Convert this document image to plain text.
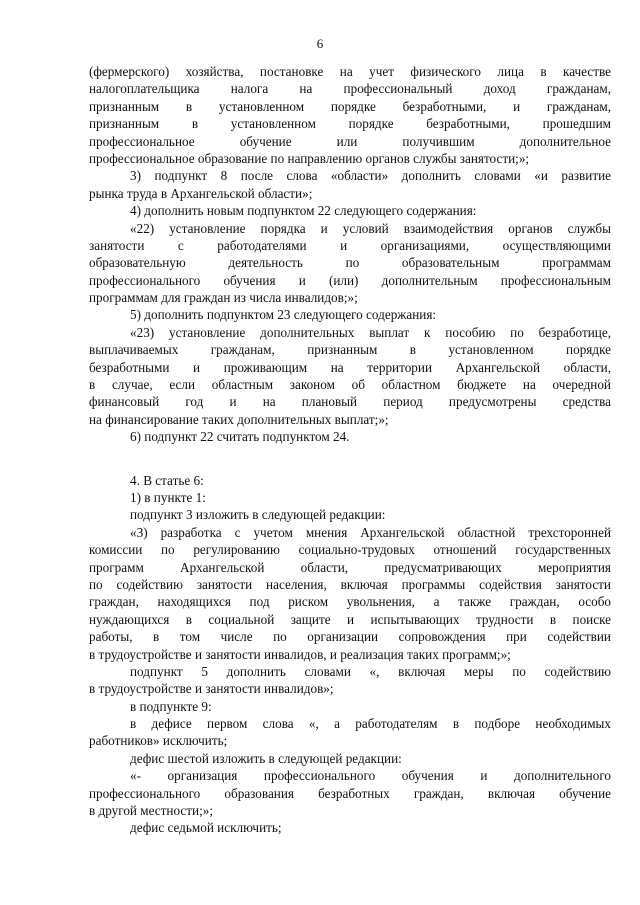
6
(фермерского) хозяйства, постановке на учет физического лица в качестве
налогоплательщика налога на профессиональный доход гражданам,
признанным в установленном порядке безработными, и гражданам,
признанным в установленном порядке безработными, прошедшим
профессиональное обучение или получившим дополнительное
профессиональное образование по направлению органов службы занятости;»;
3) подпункт 8 после слова «области» дополнить словами «и развитие
рынка труда в Архангельской области»;
4) дополнить новым подпунктом 22 следующего содержания:
«22) установление порядка и условий взаимодействия органов службы
занятости с работодателями и организациями, осуществляющими
образовательную деятельность по образовательным программам
профессионального обучения и (или) дополнительным профессиональным
программам для граждан из числа инвалидов;»;
5) дополнить подпунктом 23 следующего содержания:
«23) установление дополнительных выплат к пособию по безработице,
выплачиваемых гражданам, признанным в установленном порядке
безработными и проживающим на территории Архангельской области,
в случае, если областным законом об областном бюджете на очередной
финансовый год и на плановый период предусмотрены средства
на финансирование таких дополнительных выплат;»;
6) подпункт 22 считать подпунктом 24.
4. В статье 6:
1) в пункте 1:
подпункт 3 изложить в следующей редакции:
«3) разработка с учетом мнения Архангельской областной трехсторонней
комиссии по регулированию социально-трудовых отношений государственных
программ Архангельской области, предусматривающих мероприятия
по содействию занятости населения, включая программы содействия занятости
граждан, находящихся под риском увольнения, а также граждан, особо
нуждающихся в социальной защите и испытывающих трудности в поиске
работы, в том числе по организации сопровождения при содействии
в трудоустройстве и занятости инвалидов, и реализация таких программ;»;
подпункт 5 дополнить словами «, включая меры по содействию
в трудоустройстве и занятости инвалидов»;
в подпункте 9:
в дефисе первом слова «, а работодателям в подборе необходимых
работников» исключить;
дефис шестой изложить в следующей редакции:
«- организация профессионального обучения и дополнительного
профессионального образования безработных граждан, включая обучение
в другой местности;»;
дефис седьмой исключить;
